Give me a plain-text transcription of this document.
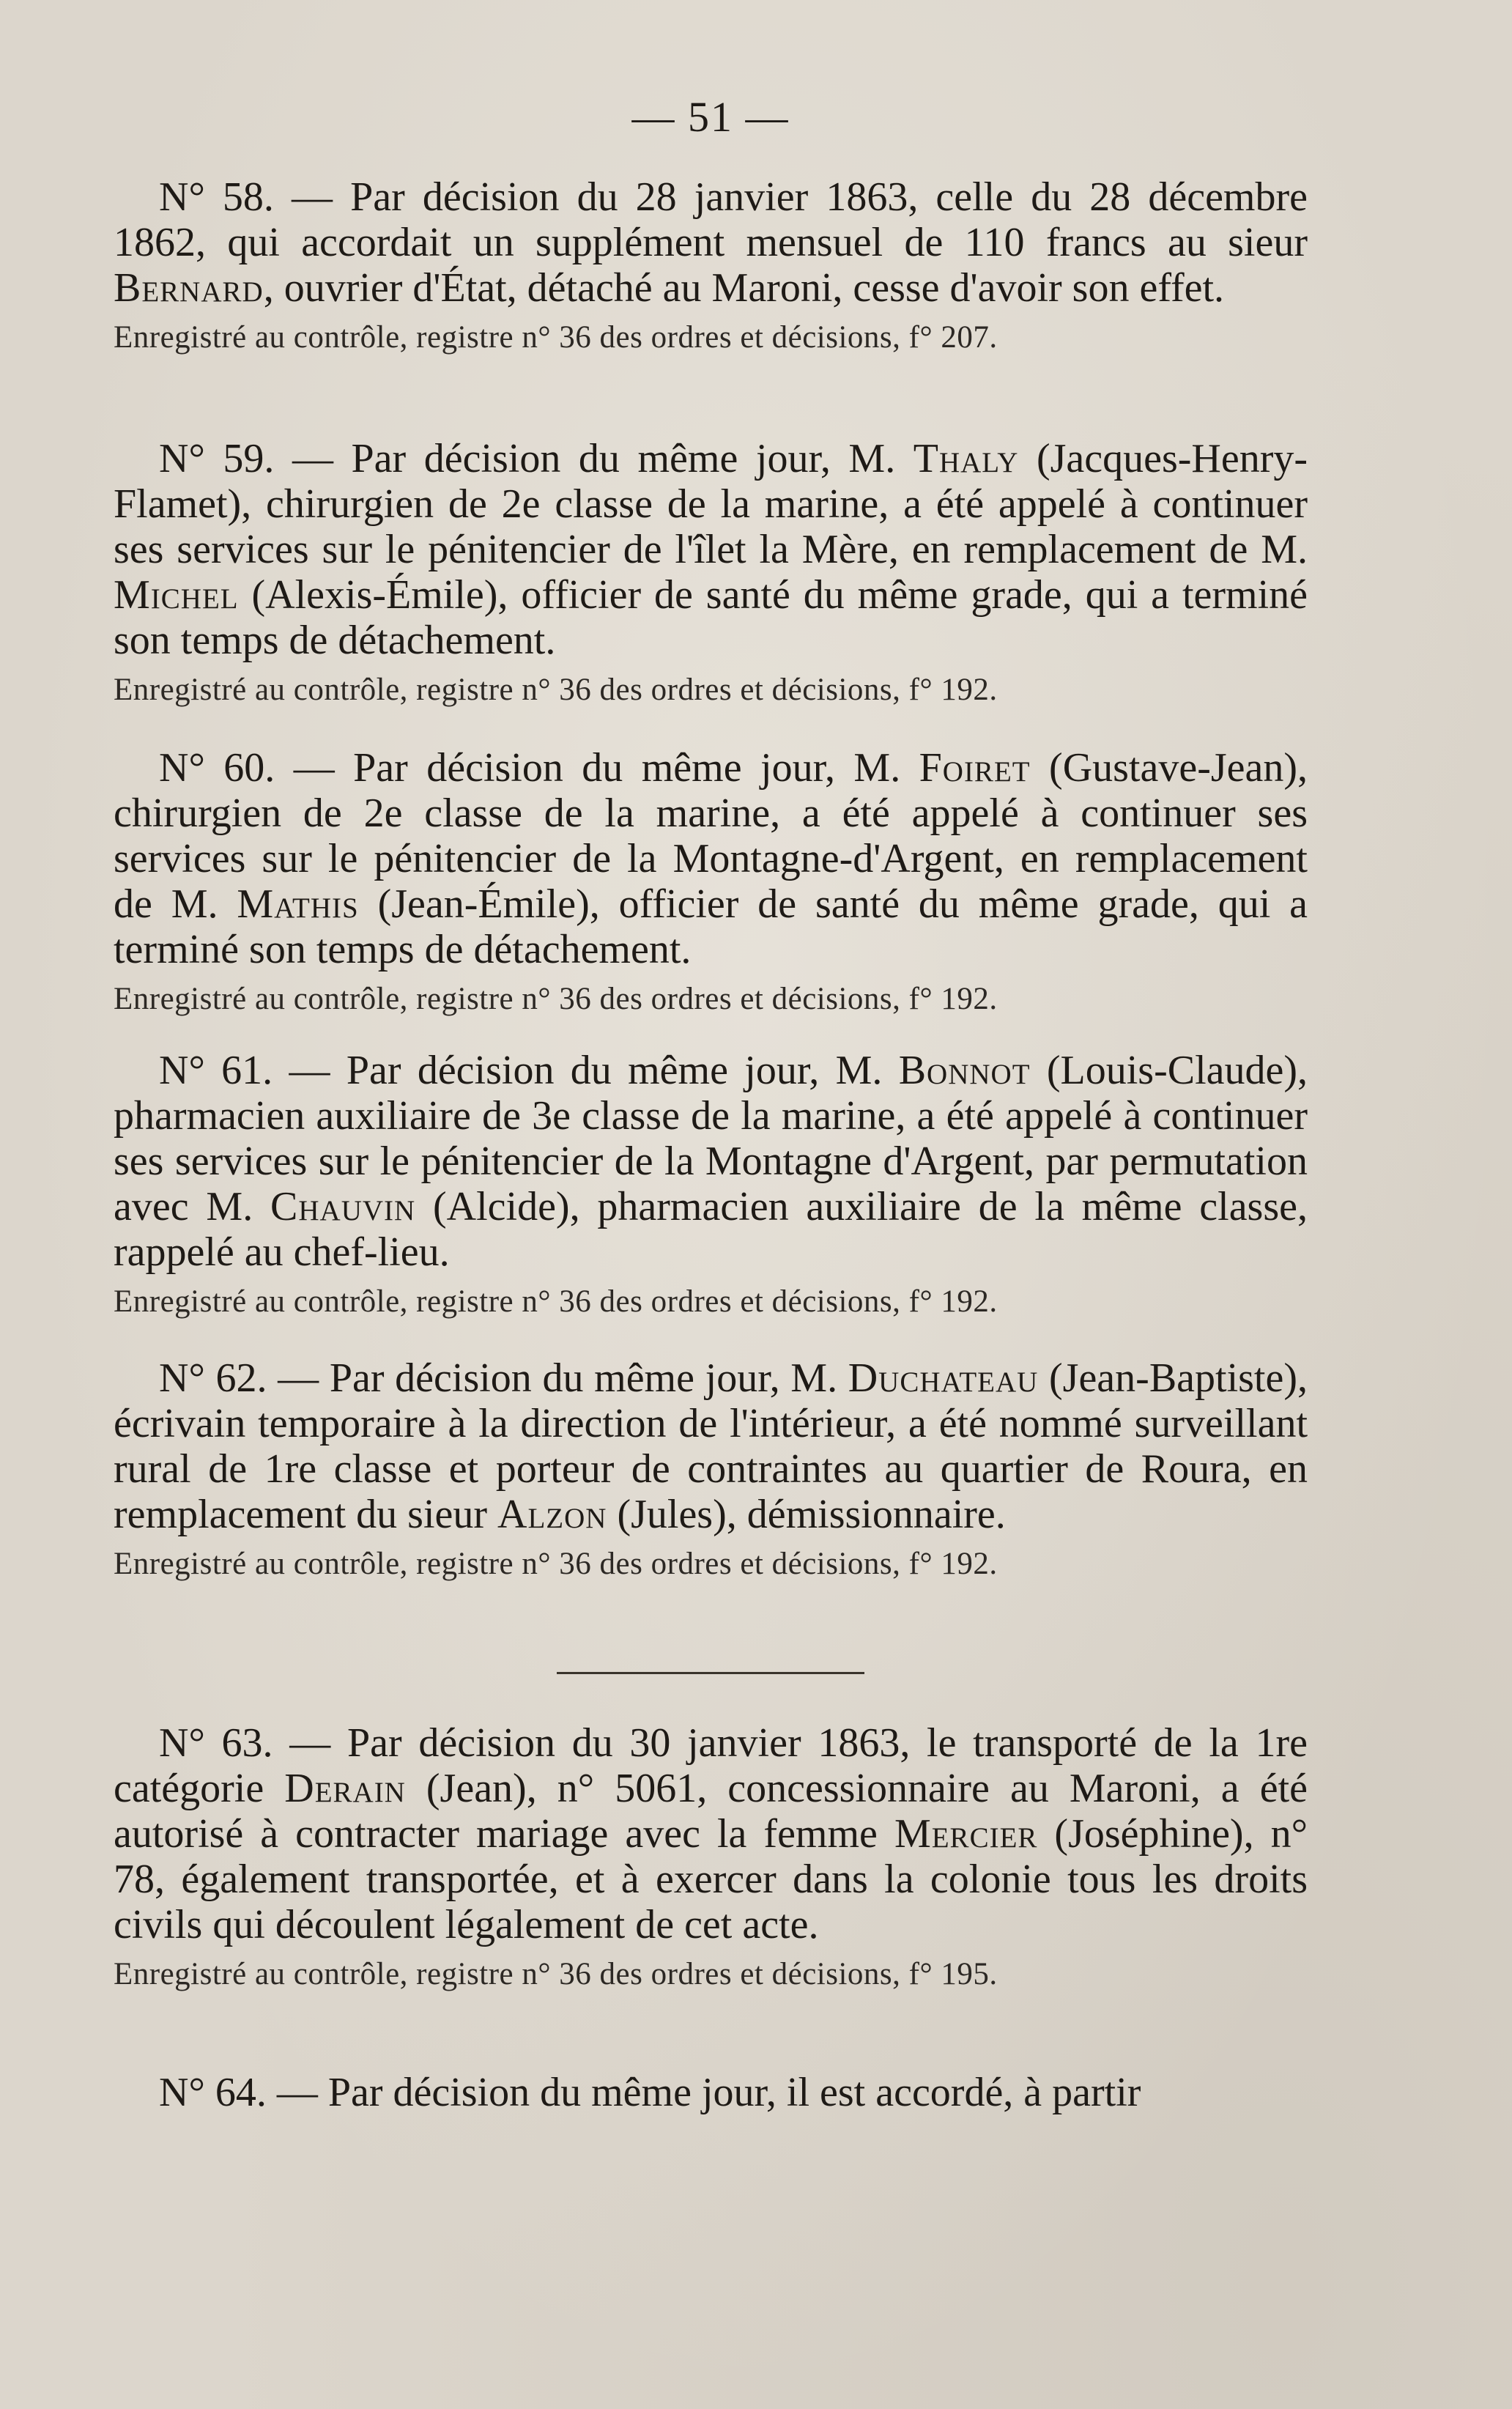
— 51 —

N° 58. — Par décision du 28 janvier 1863, celle du 28 décembre 1862, qui accordait un supplément mensuel de 110 francs au sieur Bernard, ouvrier d'État, détaché au Maroni, cesse d'avoir son effet.

Enregistré au contrôle, registre n° 36 des ordres et décisions, f° 207.

N° 59. — Par décision du même jour, M. Thaly (Jacques-Henry-Flamet), chirurgien de 2e classe de la marine, a été appelé à continuer ses services sur le pénitencier de l'îlet la Mère, en remplacement de M. Michel (Alexis-Émile), officier de santé du même grade, qui a terminé son temps de détachement.

Enregistré au contrôle, registre n° 36 des ordres et décisions, f° 192.

N° 60. — Par décision du même jour, M. Foiret (Gustave-Jean), chirurgien de 2e classe de la marine, a été appelé à continuer ses services sur le pénitencier de la Montagne-d'Argent, en remplacement de M. Mathis (Jean-Émile), officier de santé du même grade, qui a terminé son temps de détachement.

Enregistré au contrôle, registre n° 36 des ordres et décisions, f° 192.

N° 61. — Par décision du même jour, M. Bonnot (Louis-Claude), pharmacien auxiliaire de 3e classe de la marine, a été appelé à continuer ses services sur le pénitencier de la Montagne d'Argent, par permutation avec M. Chauvin (Alcide), pharmacien auxiliaire de la même classe, rappelé au chef-lieu.

Enregistré au contrôle, registre n° 36 des ordres et décisions, f° 192.

N° 62. — Par décision du même jour, M. Duchateau (Jean-Baptiste), écrivain temporaire à la direction de l'intérieur, a été nommé surveillant rural de 1re classe et porteur de contraintes au quartier de Roura, en remplacement du sieur Alzon (Jules), démissionnaire.

Enregistré au contrôle, registre n° 36 des ordres et décisions, f° 192.

N° 63. — Par décision du 30 janvier 1863, le transporté de la 1re catégorie Derain (Jean), n° 5061, concessionnaire au Maroni, a été autorisé à contracter mariage avec la femme Mercier (Joséphine), n° 78, également transportée, et à exercer dans la colonie tous les droits civils qui découlent légalement de cet acte.

Enregistré au contrôle, registre n° 36 des ordres et décisions, f° 195.

N° 64. — Par décision du même jour, il est accordé, à partir
